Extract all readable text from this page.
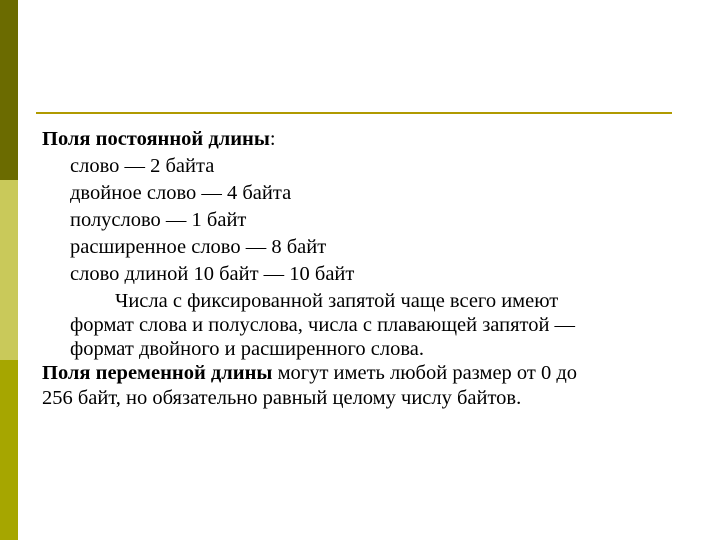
Поля постоянной длины:
слово — 2 байта
двойное слово — 4 байта
полуслово — 1 байт
расширенное слово — 8 байт
слово длиной 10 байт — 10 байт
Числа с фиксированной запятой чаще всего имеют
формат слова и полуслова, числа с плавающей запятой —
формат двойного и расширенного слова.
Поля переменной длины могут иметь любой размер от 0 до
256 байт, но обязательно равный целому числу байтов.
